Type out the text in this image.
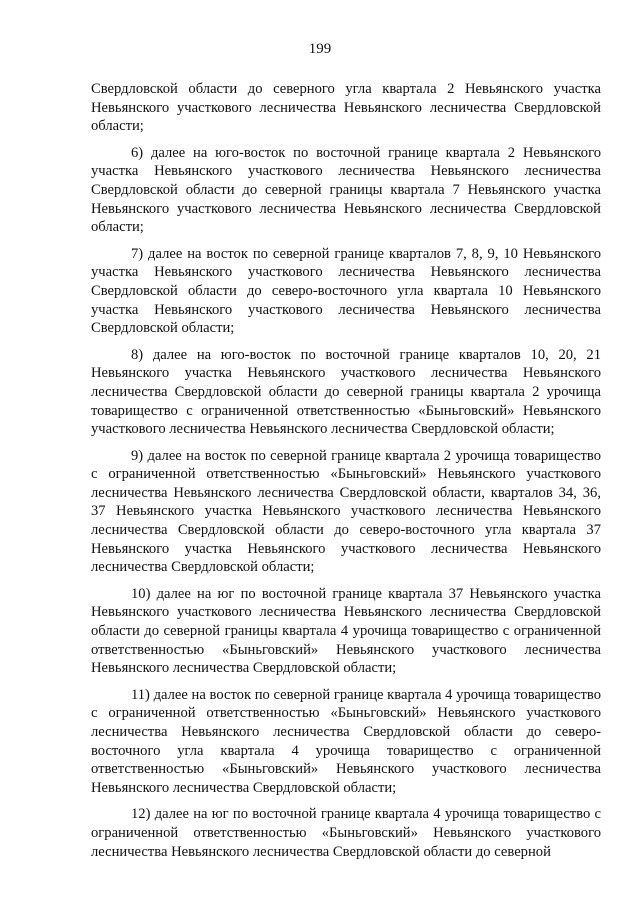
199

Свердловской области до северного угла квартала 2 Невьянского участка Невьянского участкового лесничества Невьянского лесничества Свердловской области;

6) далее на юго-восток по восточной границе квартала 2 Невьянского участка Невьянского участкового лесничества Невьянского лесничества Свердловской области до северной границы квартала 7 Невьянского участка Невьянского участкового лесничества Невьянского лесничества Свердловской области;

7) далее на восток по северной границе кварталов 7, 8, 9, 10 Невьянского участка Невьянского участкового лесничества Невьянского лесничества Свердловской области до северо-восточного угла квартала 10 Невьянского участка Невьянского участкового лесничества Невьянского лесничества Свердловской области;

8) далее на юго-восток по восточной границе кварталов 10, 20, 21 Невьянского участка Невьянского участкового лесничества Невьянского лесничества Свердловской области до северной границы квартала 2 урочища товарищество с ограниченной ответственностью «Быньговский» Невьянского участкового лесничества Невьянского лесничества Свердловской области;

9) далее на восток по северной границе квартала 2 урочища товарищество с ограниченной ответственностью «Быньговский» Невьянского участкового лесничества Невьянского лесничества Свердловской области, кварталов 34, 36, 37 Невьянского участка Невьянского участкового лесничества Невьянского лесничества Свердловской области до северо-восточного угла квартала 37 Невьянского участка Невьянского участкового лесничества Невьянского лесничества Свердловской области;

10) далее на юг по восточной границе квартала 37 Невьянского участка Невьянского участкового лесничества Невьянского лесничества Свердловской области до северной границы квартала 4 урочища товарищество с ограниченной ответственностью «Быньговский» Невьянского участкового лесничества Невьянского лесничества Свердловской области;

11) далее на восток по северной границе квартала 4 урочища товарищество с ограниченной ответственностью «Быньговский» Невьянского участкового лесничества Невьянского лесничества Свердловской области до северо-восточного угла квартала 4 урочища товарищество с ограниченной ответственностью «Быньговский» Невьянского участкового лесничества Невьянского лесничества Свердловской области;

12) далее на юг по восточной границе квартала 4 урочища товарищество с ограниченной ответственностью «Быньговский» Невьянского участкового лесничества Невьянского лесничества Свердловской области до северной
